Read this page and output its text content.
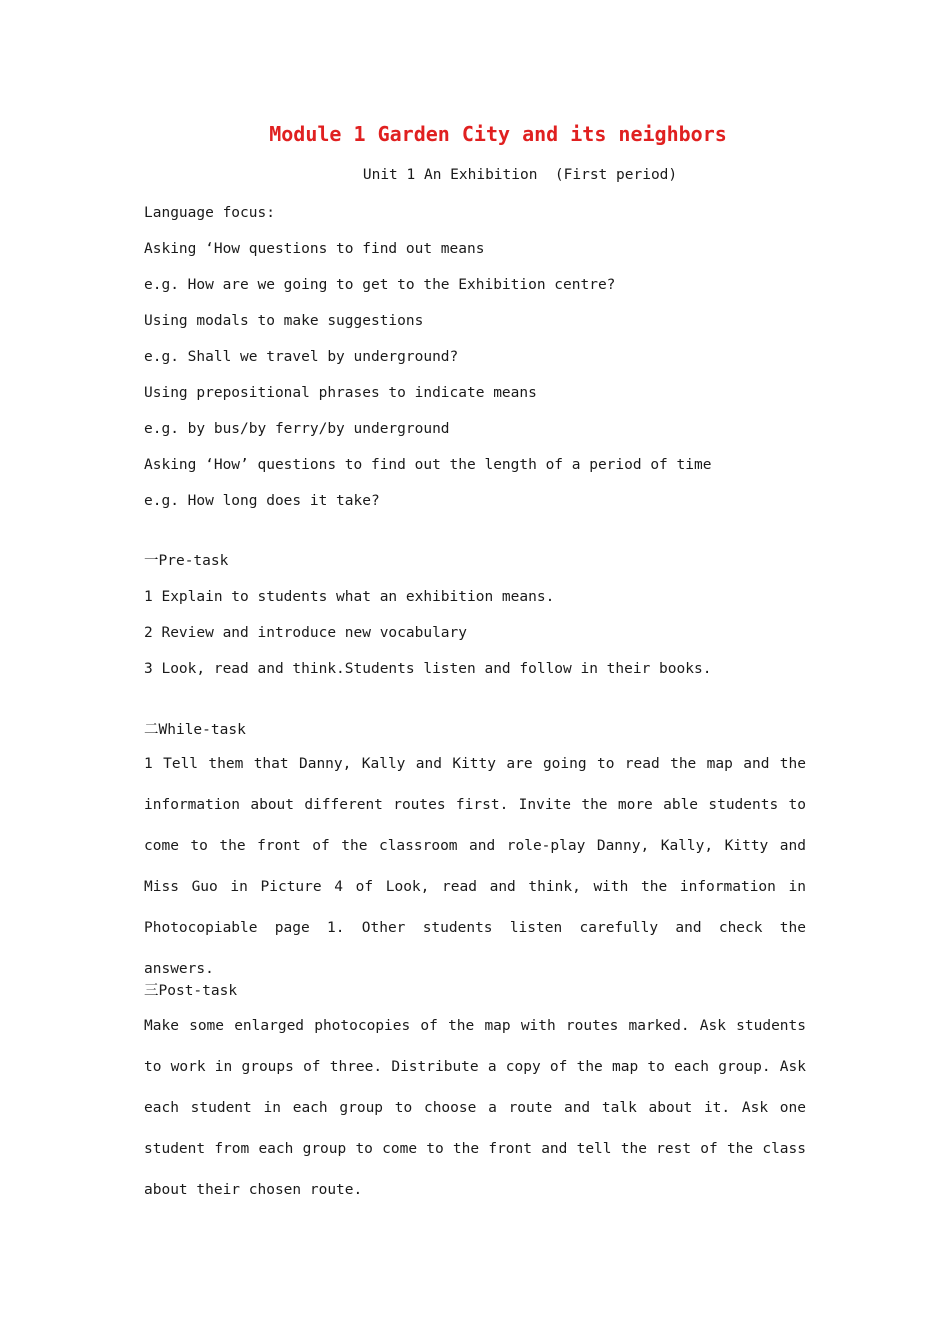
Module 1 Garden City and its neighbors
Unit 1 An Exhibition  (First period)
Language focus:
Asking ‘How questions to find out means
e.g. How are we going to get to the Exhibition centre?
Using modals to make suggestions
e.g. Shall we travel by underground?
Using prepositional phrases to indicate means
e.g. by bus/by ferry/by underground
Asking ‘How’ questions to find out the length of a period of time
e.g. How long does it take?
一Pre-task
1 Explain to students what an exhibition means.
2 Review and introduce new vocabulary
3 Look, read and think.Students listen and follow in their books.
二While-task
1 Tell them that Danny, Kally and Kitty are going to read the map and the information about different routes first. Invite the more able students to come to the front of the classroom and role-play Danny, Kally, Kitty and Miss Guo in Picture 4 of Look, read and think, with the information in Photocopiable page 1. Other students listen carefully and check the answers.
三Post-task
Make some enlarged photocopies of the map with routes marked. Ask students to work in groups of three. Distribute a copy of the map to each group. Ask each student in each group to choose a route and talk about it. Ask one student from each group to come to the front and tell the rest of the class about their chosen route.
